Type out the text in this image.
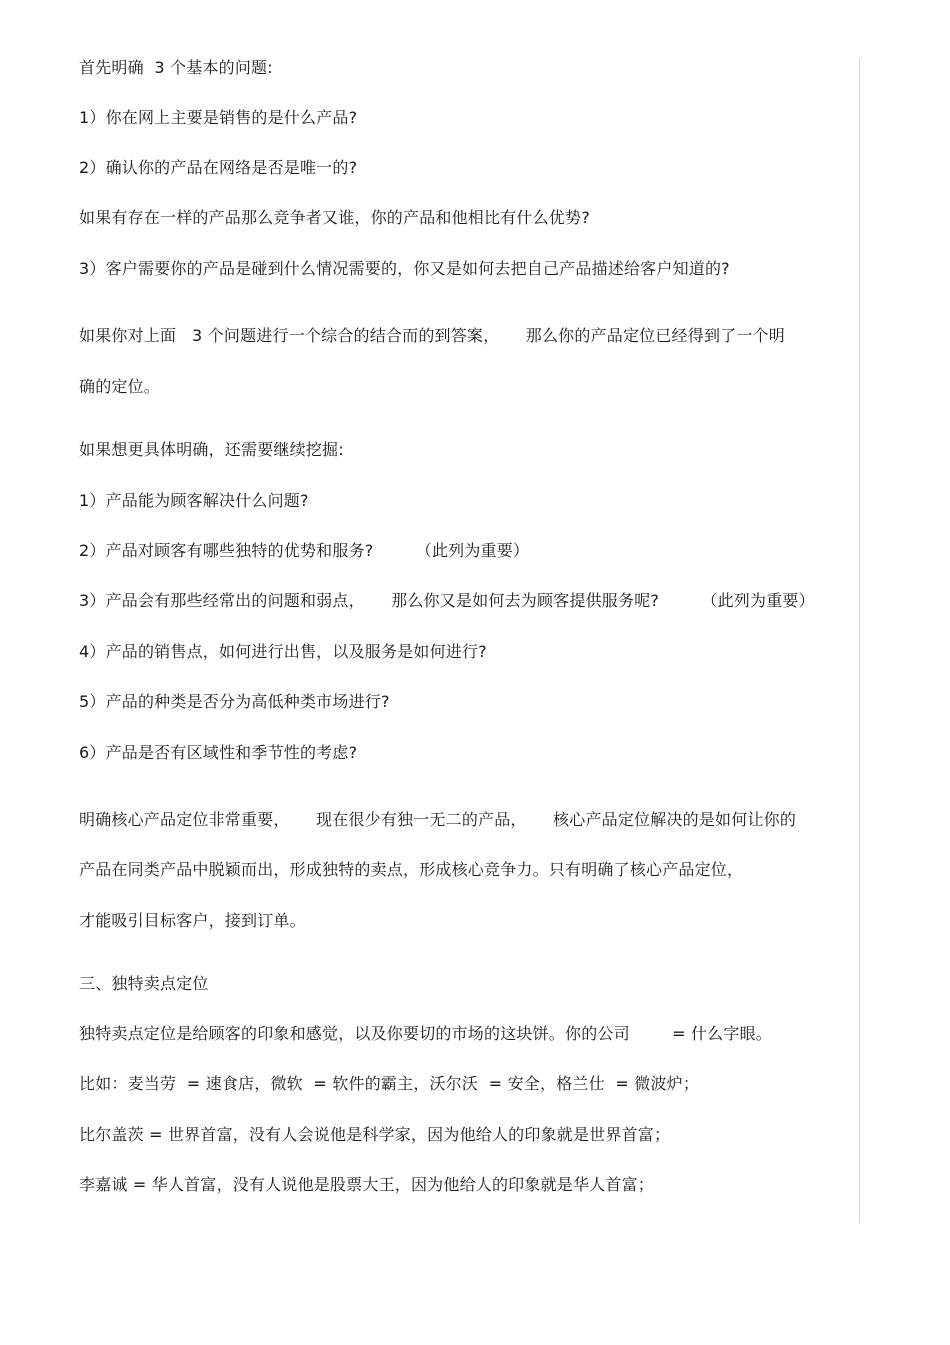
首先明确  3 个基本的问题:
1）你在网上主要是销售的是什么产品?
2）确认你的产品在网络是否是唯一的?
如果有存在一样的产品那么竞争者又谁，你的产品和他相比有什么优势?
3）客户需要你的产品是碰到什么情况需要的，你又是如何去把自己产品描述给客户知道的?
如果你对上面   3 个问题进行一个综合的结合而的到答案，     那么你的产品定位已经得到了一个明
确的定位。
如果想更具体明确，还需要继续挖掘:
1）产品能为顾客解决什么问题?
2）产品对顾客有哪些独特的优势和服务?        （此列为重要）
3）产品会有那些经常出的问题和弱点，     那么你又是如何去为顾客提供服务呢?        （此列为重要）
4）产品的销售点，如何进行出售，以及服务是如何进行?
5）产品的种类是否分为高低种类市场进行?
6）产品是否有区域性和季节性的考虑?
明确核心产品定位非常重要，     现在很少有独一无二的产品，     核心产品定位解决的是如何让你的
产品在同类产品中脱颖而出，形成独特的卖点，形成核心竞争力。只有明确了核心产品定位，
才能吸引目标客户，接到订单。
三、独特卖点定位
独特卖点定位是给顾客的印象和感觉，以及你要切的市场的这块饼。你的公司        = 什么字眼。
比如：麦当劳  = 速食店，微软  = 软件的霸主，沃尔沃  = 安全，格兰仕  = 微波炉；
比尔盖茨 = 世界首富，没有人会说他是科学家，因为他给人的印象就是世界首富；
李嘉诚 = 华人首富，没有人说他是股票大王，因为他给人的印象就是华人首富；
